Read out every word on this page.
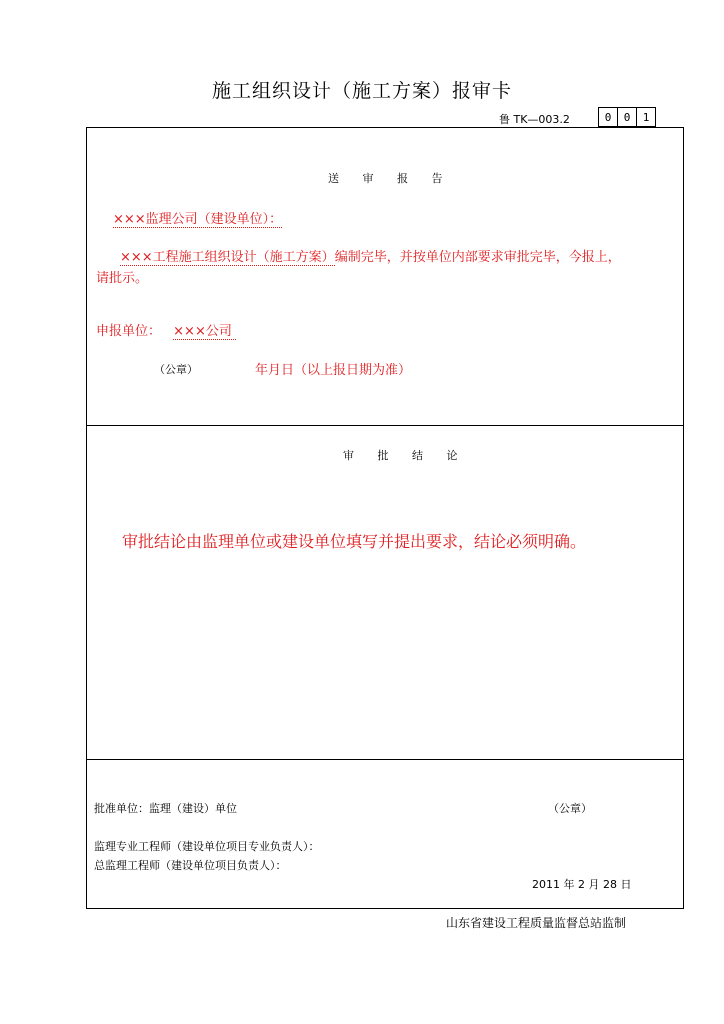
施工组织设计（施工方案）报审卡
鲁 TK—003.2	0	0	1
送 审 报 告
×××监理公司（建设单位）：
×××工程施工组织设计（施工方案）编制完毕，并按单位内部要求审批完毕，今报上，
请批示。
申报单位： ×××公司
（公章）	年月日（以上报日期为准）
审 批 结 论
审批结论由监理单位或建设单位填写并提出要求，结论必须明确。
批准单位：监理（建设）单位	（公章）
监理专业工程师（建设单位项目专业负责人）：
总监理工程师（建设单位项目负责人）：
2011 年 2 月 28 日
山东省建设工程质量监督总站监制
